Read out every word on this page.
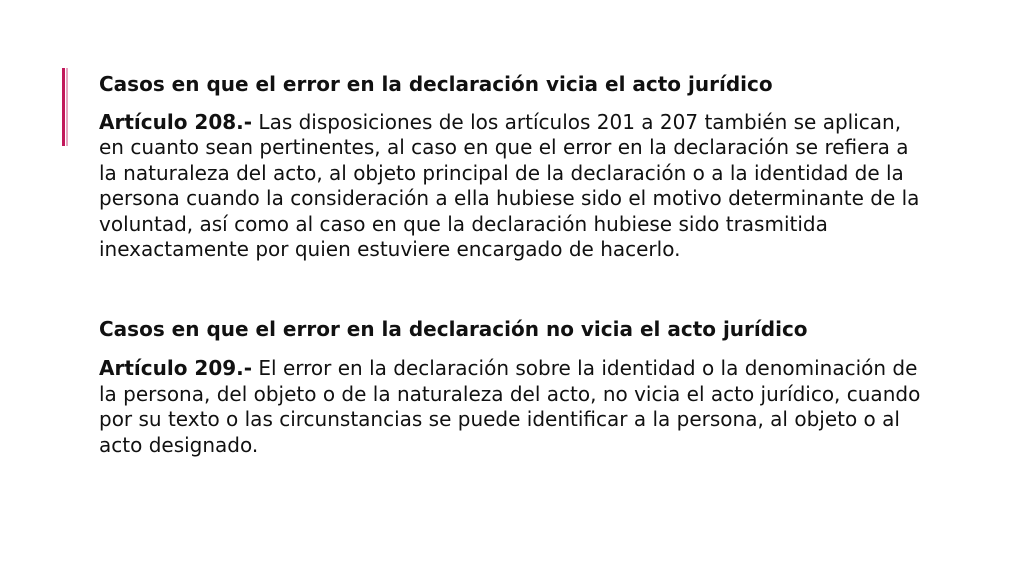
Casos en que el error en la declaración vicia el acto jurídico

Artículo 208.- Las disposiciones de los artículos 201 a 207 también se aplican, en cuanto sean pertinentes, al caso en que el error en la declaración se refiera a la naturaleza del acto, al objeto principal de la declaración o a la identidad de la persona cuando la consideración a ella hubiese sido el motivo determinante de la voluntad, así como al caso en que la declaración hubiese sido trasmitida inexactamente por quien estuviere encargado de hacerlo.

Casos en que el error en la declaración no vicia el acto jurídico

Artículo 209.- El error en la declaración sobre la identidad o la denominación de la persona, del objeto o de la naturaleza del acto, no vicia el acto jurídico, cuando por su texto o las circunstancias se puede identificar a la persona, al objeto o al acto designado.
